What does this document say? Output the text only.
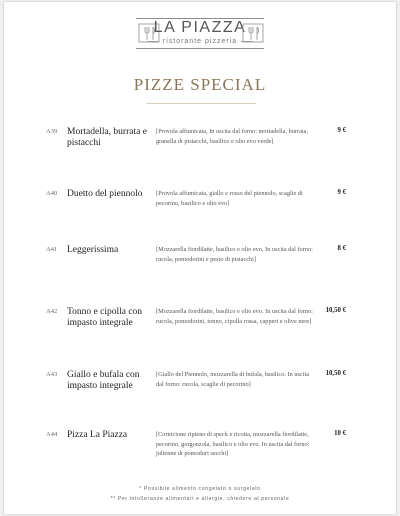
LA PIAZZA
ristorante pizzeria
PIZZE SPECIAL
A39 Mortadella, burrata e pistacchi
[Provola affumicata, In uscita dal forno: mortadella, burrata, granella di pistacchi, basilico e olio evo verde]
9 €
A40 Duetto del piennolo	[Provola affumicata, giallo e rosso del piennolo, scaglie di pecorino, basilico e olio evo]
9 €
A41 Leggerissima	[Mozzarella fiordilatte, basilico e olio evo. In uscita dal forno: rucola, pomodorini e pesto di pistacchi]
8 €
A42 Tonno e cipolla con impasto integrale
[Mozzarella fiordilatte, basilico e olio evo. In uscita dal forno: rucola, pomodorini, tonno, cipolla rossa, capperi e olive nere]
10,50 €
A43 Giallo e bufala con impasto integrale
[Giallo del Piennolo, mozzarella di bufala, basilico. In uscita dal forno: rucola, scaglie di pecorino]
10,50 €
A44 Pizza La Piazza	[Cornicione ripieno di speck e ricotta, mozzarella fiordilatte, pecorino, gorgonzola, basilico e olio evo. In uscita dal forno: julienne di pomodori secchi]
10 €
* Possibile alimento congelato o surgelato
** Per intolleranze alimentari e allergie, chiedere al personale
